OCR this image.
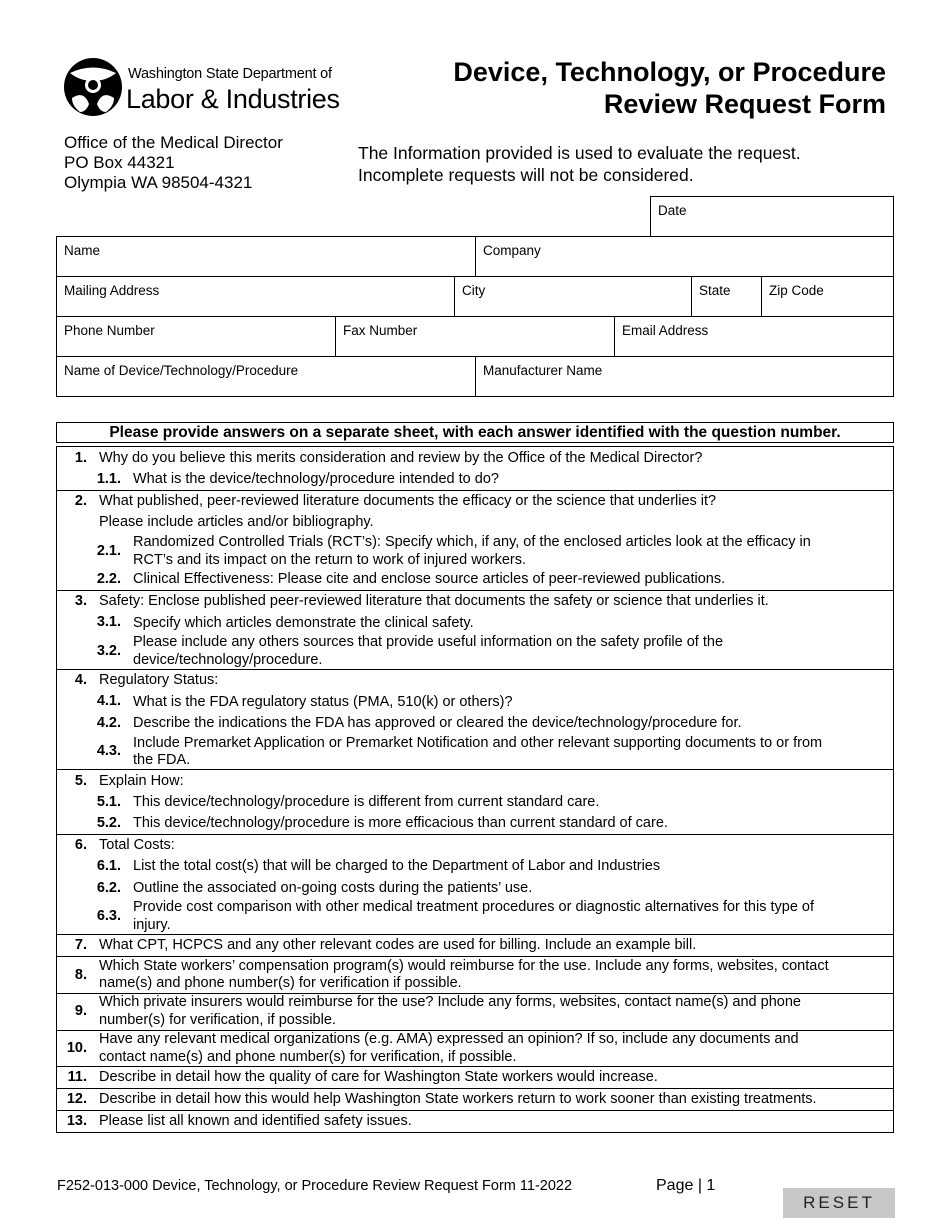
Washington State Department of
Labor & Industries
Device, Technology, or Procedure
Review Request Form
Office of the Medical Director
PO Box 44321
Olympia WA 98504-4321
The Information provided is used to evaluate the request.
Incomplete requests will not be considered.
Date
Name	Company
Mailing Address	City	State	Zip Code
Phone Number	Fax Number	Email Address
Name of Device/Technology/Procedure	Manufacturer Name
Please provide answers on a separate sheet, with each answer identified with the question number.
1. Why do you believe this merits consideration and review by the Office of the Medical Director?
1.1. What is the device/technology/procedure intended to do?
2. What published, peer-reviewed literature documents the efficacy or the science that underlies it?
Please include articles and/or bibliography.
2.1.
Randomized Controlled Trials (RCT’s): Specify which, if any, of the enclosed articles look at the efficacy in
RCT’s and its impact on the return to work of injured workers.
2.2. Clinical Effectiveness: Please cite and enclose source articles of peer-reviewed publications.
3. Safety: Enclose published peer-reviewed literature that documents the safety or science that underlies it.
3.1. Specify which articles demonstrate the clinical safety.
3.2.
Please include any others sources that provide useful information on the safety profile of the
device/technology/procedure.
4. Regulatory Status:
4.1. What is the FDA regulatory status (PMA, 510(k) or others)?
4.2. Describe the indications the FDA has approved or cleared the device/technology/procedure for.
4.3. Include Premarket Application or Premarket Notification and other relevant supporting documents to or from
the FDA.
5. Explain How:
5.1. This device/technology/procedure is different from current standard care.
5.2. This device/technology/procedure is more efficacious than current standard of care.
6. Total Costs:
6.1. List the total cost(s) that will be charged to the Department of Labor and Industries
6.2. Outline the associated on-going costs during the patients’ use.
6.3.
Provide cost comparison with other medical treatment procedures or diagnostic alternatives for this type of
injury.
7. What CPT, HCPCS and any other relevant codes are used for billing. Include an example bill.
8.
Which State workers’ compensation program(s) would reimburse for the use. Include any forms, websites, contact
name(s) and phone number(s) for verification if possible.
9.
Which private insurers would reimburse for the use? Include any forms, websites, contact name(s) and phone
number(s) for verification, if possible.
10.
Have any relevant medical organizations (e.g. AMA) expressed an opinion? If so, include any documents and
contact name(s) and phone number(s) for verification, if possible.
11. Describe in detail how the quality of care for Washington State workers would increase.
12. Describe in detail how this would help Washington State workers return to work sooner than existing treatments.
13. Please list all known and identified safety issues.
F252-013-000 Device, Technology, or Procedure Review Request Form 11-2022	Page | 1
RESET
